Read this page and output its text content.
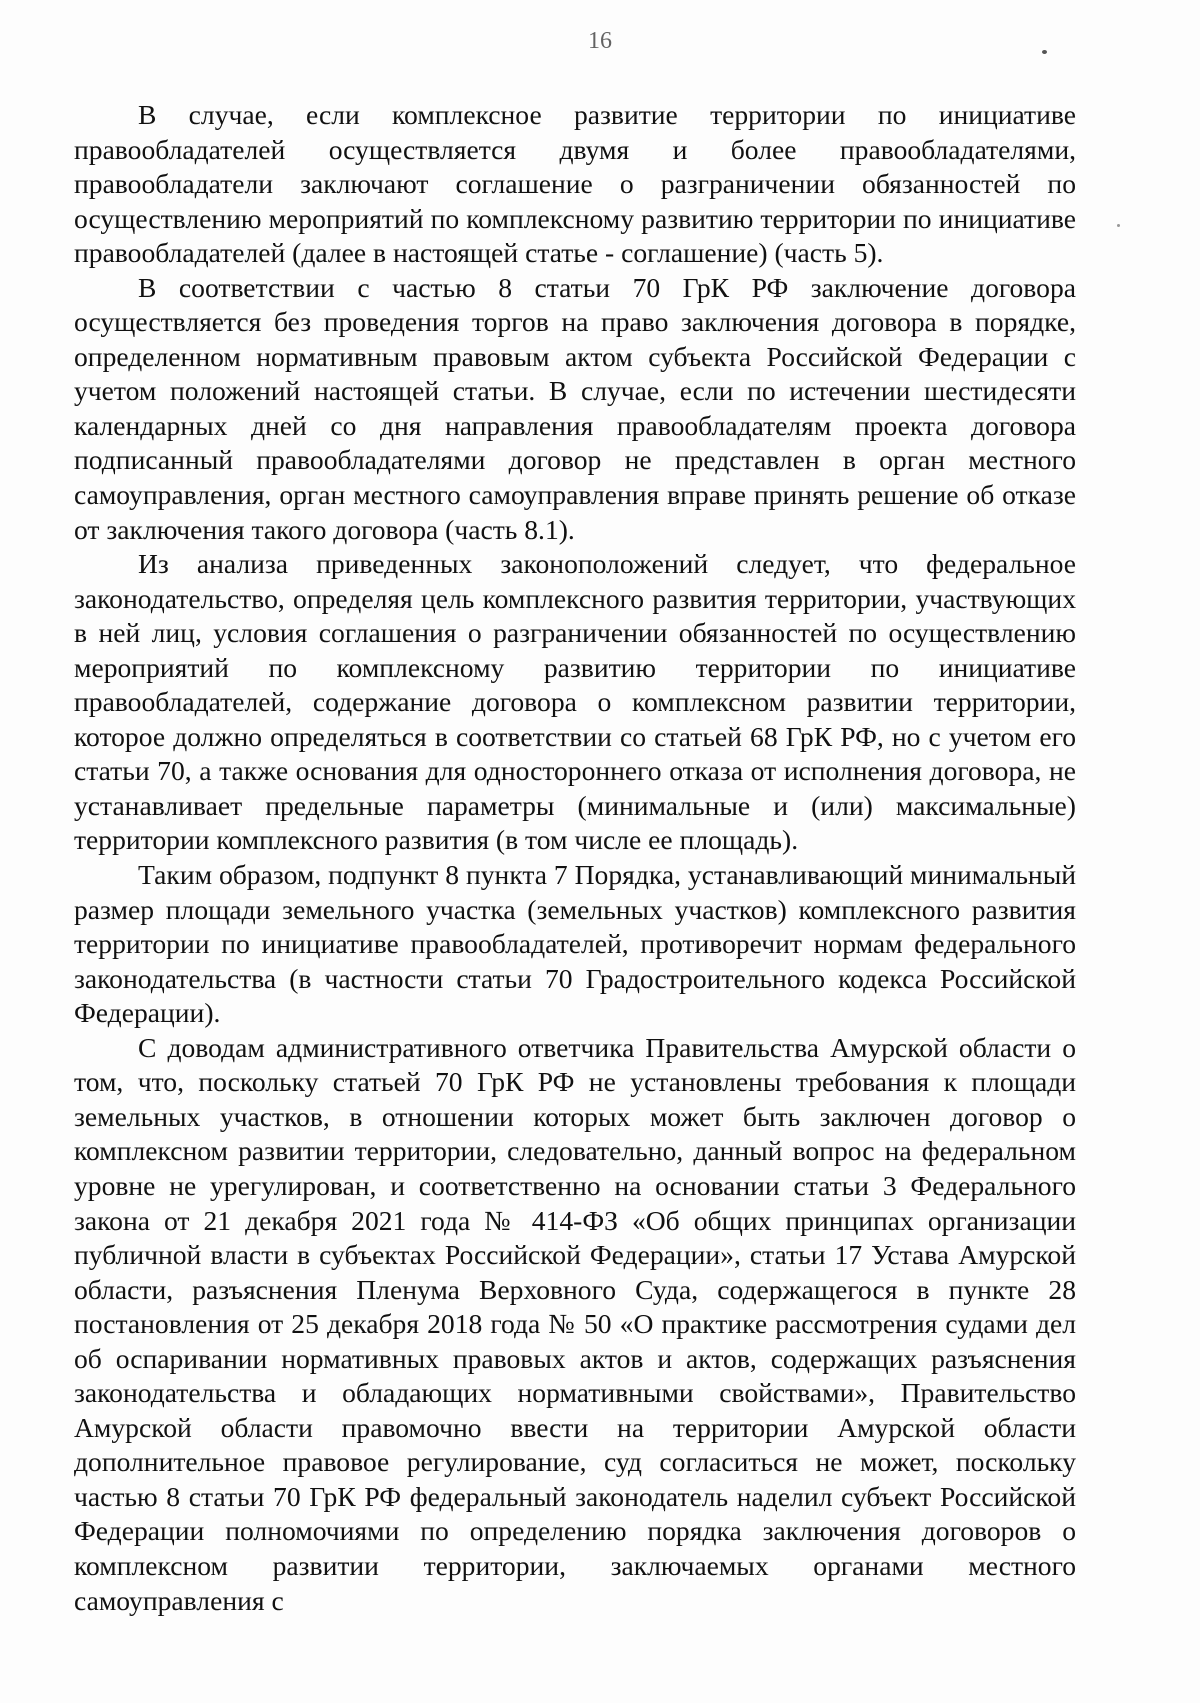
16

В случае, если комплексное развитие территории по инициативе правообладателей осуществляется двумя и более правообладателями, правообладатели заключают соглашение о разграничении обязанностей по осуществлению мероприятий по комплексному развитию территории по инициативе правообладателей (далее в настоящей статье - соглашение) (часть 5).

В соответствии с частью 8 статьи 70 ГрК РФ заключение договора осуществляется без проведения торгов на право заключения договора в порядке, определенном нормативным правовым актом субъекта Российской Федерации с учетом положений настоящей статьи. В случае, если по истечении шестидесяти календарных дней со дня направления правообладателям проекта договора подписанный правообладателями договор не представлен в орган местного самоуправления, орган местного самоуправления вправе принять решение об отказе от заключения такого договора (часть 8.1).

Из анализа приведенных законоположений следует, что федеральное законодательство, определяя цель комплексного развития территории, участвующих в ней лиц, условия соглашения о разграничении обязанностей по осуществлению мероприятий по комплексному развитию территории по инициативе правообладателей, содержание договора о комплексном развитии территории, которое должно определяться в соответствии со статьей 68 ГрК РФ, но с учетом его статьи 70, а также основания для одностороннего отказа от исполнения договора, не устанавливает предельные параметры (минимальные и (или) максимальные) территории комплексного развития (в том числе ее площадь).

Таким образом, подпункт 8 пункта 7 Порядка, устанавливающий минимальный размер площади земельного участка (земельных участков) комплексного развития территории по инициативе правообладателей, противоречит нормам федерального законодательства (в частности статьи 70 Градостроительного кодекса Российской Федерации).

С доводам административного ответчика Правительства Амурской области о том, что, поскольку статьей 70 ГрК РФ не установлены требования к площади земельных участков, в отношении которых может быть заключен договор о комплексном развитии территории, следовательно, данный вопрос на федеральном уровне не урегулирован, и соответственно на основании статьи 3 Федерального закона от 21 декабря 2021 года № 414-ФЗ «Об общих принципах организации публичной власти в субъектах Российской Федерации», статьи 17 Устава Амурской области, разъяснения Пленума Верховного Суда, содержащегося в пункте 28 постановления от 25 декабря 2018 года № 50 «О практике рассмотрения судами дел об оспаривании нормативных правовых актов и актов, содержащих разъяснения законодательства и обладающих нормативными свойствами», Правительство Амурской области правомочно ввести на территории Амурской области дополнительное правовое регулирование, суд согласиться не может, поскольку частью 8 статьи 70 ГрК РФ федеральный законодатель наделил субъект Российской Федерации полномочиями по определению порядка заключения договоров о комплексном развитии территории, заключаемых органами местного самоуправления с
